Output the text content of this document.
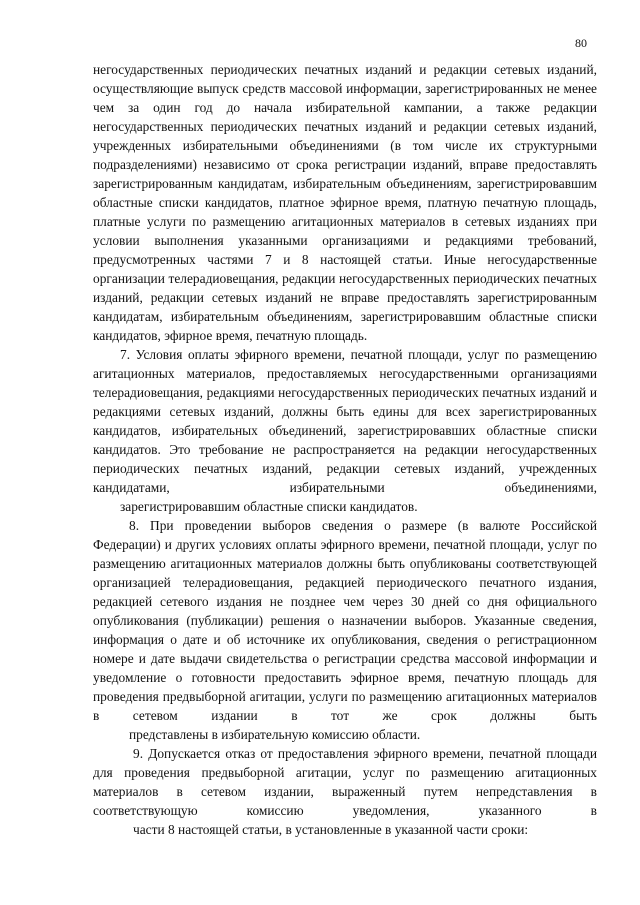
80

негосударственных периодических печатных изданий и редакции сетевых изданий, осуществляющие выпуск средств массовой информации, зарегистрированных не менее чем за один год до начала избирательной кампании, а также редакции негосударственных периодических печатных изданий и редакции сетевых изданий, учрежденных избирательными объединениями (в том числе их структурными подразделениями) независимо от срока регистрации изданий, вправе предоставлять зарегистрированным кандидатам, избирательным объединениям, зарегистрировавшим областные списки кандидатов, платное эфирное время, платную печатную площадь, платные услуги по размещению агитационных материалов в сетевых изданиях при условии выполнения указанными организациями и редакциями требований, предусмотренных частями 7 и 8 настоящей статьи. Иные негосударственные организации телерадиовещания, редакции негосударственных периодических печатных изданий, редакции сетевых изданий не вправе предоставлять зарегистрированным кандидатам, избирательным объединениям, зарегистрировавшим областные списки
кандидатов, эфирное время, печатную площадь.

7. Условия оплаты эфирного времени, печатной площади, услуг по размещению агитационных материалов, предоставляемых негосударственными организациями телерадиовещания, редакциями негосударственных периодических печатных изданий и редакциями сетевых изданий, должны быть едины для всех зарегистрированных кандидатов, избирательных объединений, зарегистрировавших областные списки кандидатов. Это требование не распространяется на редакции негосударственных периодических печатных изданий, редакции сетевых изданий, учрежденных кандидатами, избирательными объединениями,
зарегистрировавшим областные списки кандидатов.

8. При проведении выборов сведения о размере (в валюте Российской Федерации) и других условиях оплаты эфирного времени, печатной площади, услуг по размещению агитационных материалов должны быть опубликованы соответствующей организацией телерадиовещания, редакцией периодического печатного издания, редакцией сетевого издания не позднее чем через 30 дней со дня официального опубликования (публикации) решения о назначении выборов. Указанные сведения, информация о дате и об источнике их опубликования, сведения о регистрационном номере и дате выдачи свидетельства о регистрации средства массовой информации и уведомление о готовности предоставить эфирное время, печатную площадь для проведения предвыборной агитации, услуги по размещению агитационных материалов в сетевом издании в тот же срок должны быть
представлены в избирательную комиссию области.

9. Допускается отказ от предоставления эфирного времени, печатной площади для проведения предвыборной агитации, услуг по размещению агитационных материалов в сетевом издании, выраженный путем непредставления в соответствующую комиссию уведомления, указанного в
части 8 настоящей статьи, в установленные в указанной части сроки:
